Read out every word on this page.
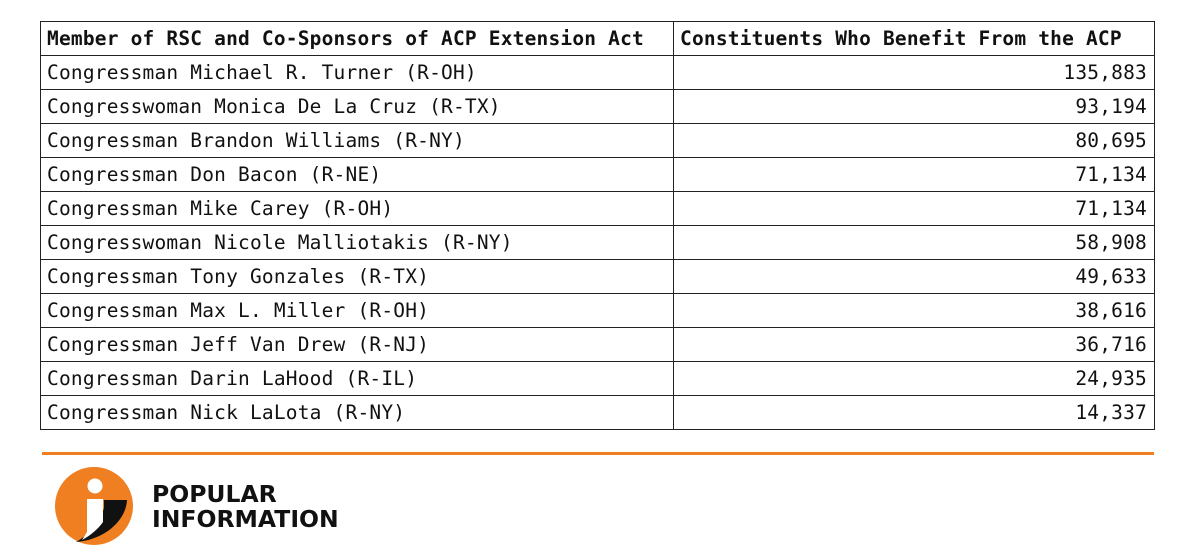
Member of RSC and Co-Sponsors of ACP Extension Act	Constituents Who Benefit From the ACP
Congressman Michael R. Turner (R-OH)	135,883
Congresswoman Monica De La Cruz (R-TX)	93,194
Congressman Brandon Williams (R-NY)	80,695
Congressman Don Bacon (R-NE)	71,134
Congressman Mike Carey (R-OH)	71,134
Congresswoman Nicole Malliotakis (R-NY)	58,908
Congressman Tony Gonzales (R-TX)	49,633
Congressman Max L. Miller (R-OH)	38,616
Congressman Jeff Van Drew (R-NJ)	36,716
Congressman Darin LaHood (R-IL)	24,935
Congressman Nick LaLota (R-NY)	14,337
POPULAR
INFORMATION
